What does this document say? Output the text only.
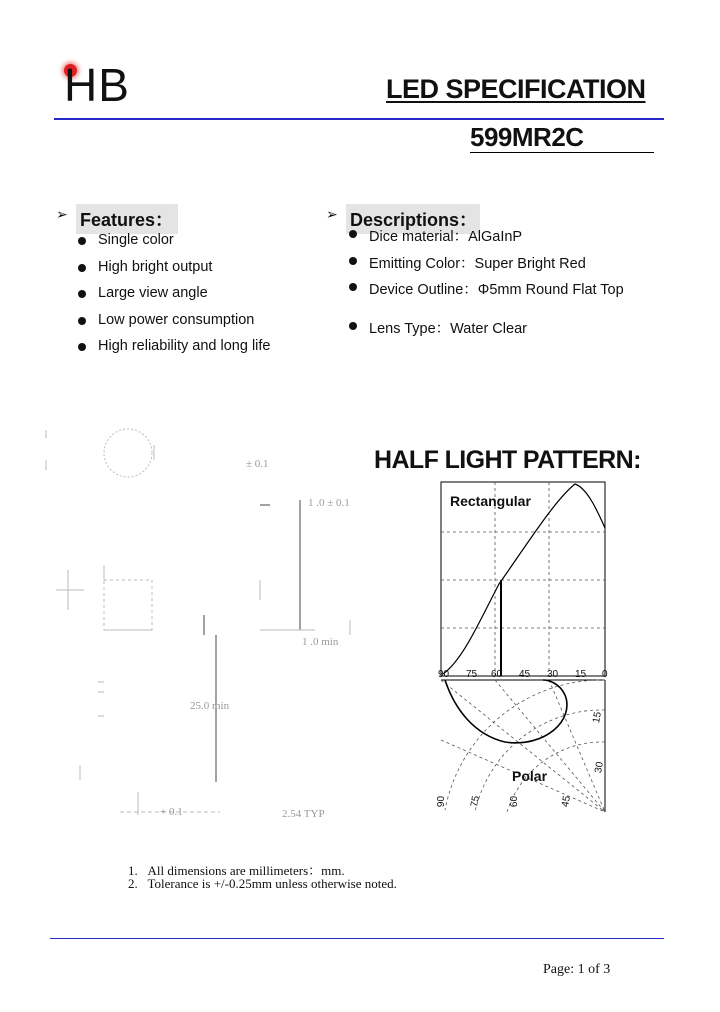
HB	LED SPECIFICATION
599MR2C
➢ Features：
Single color
High bright output
Large view angle
Low power consumption
High reliability and long life
➢ Descriptions：
Dice material：AlGaInP
Emitting Color：Super Bright Red
Device Outline：Φ5mm Round Flat Top
Lens Type：Water Clear
± 0.1
1 .0 ± 0.1
1 .0 min
25.0 min
+ 0.1	2.54 TYP
HALF LIGHT PATTERN:
Rectangular
Polar
90 75 60 45 30 15 0
90 75	60	45
15
30
1.   All dimensions are millimeters：mm.
2.   Tolerance is +/-0.25mm unless otherwise noted.
Page: 1 of 3
